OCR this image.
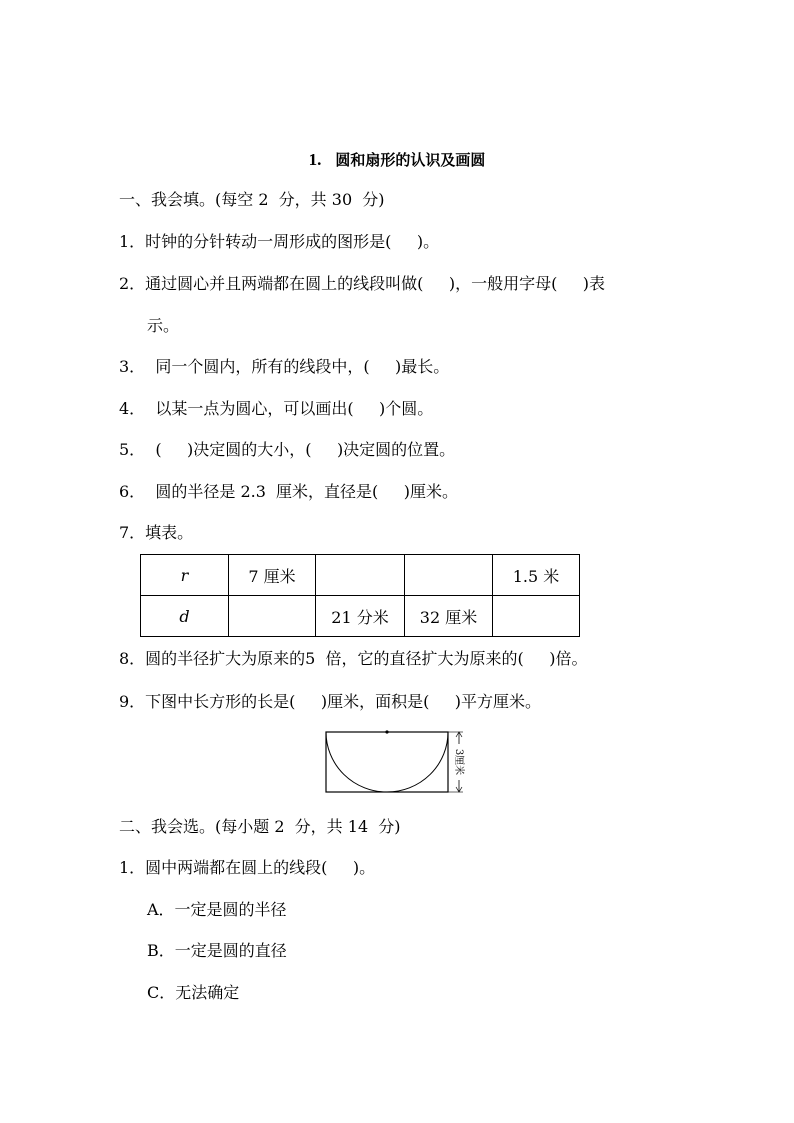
1. 圆和扇形的认识及画圆
一、我会填。(每空 2  分，共 30  分)
1．时钟的分针转动一周形成的图形是(     )。
2．通过圆心并且两端都在圆上的线段叫做(     )，一般用字母(     )表
示。
3．  同一个圆内，所有的线段中，(     )最长。
4．  以某一点为圆心，可以画出(     )个圆。
5．  (     )决定圆的大小，(     )决定圆的位置。
6．  圆的半径是 2.3  厘米，直径是(     )厘米。
7．填表。
r	7 厘米			1.5 米
d		21 分米	32 厘米	
8．圆的半径扩大为原来的5  倍，它的直径扩大为原来的(     )倍。
9．下图中长方形的长是(     )厘米，面积是(     )平方厘米。
3厘米
二、我会选。(每小题 2  分，共 14  分)
1．圆中两端都在圆上的线段(     )。
A．一定是圆的半径
B．一定是圆的直径
C．无法确定
